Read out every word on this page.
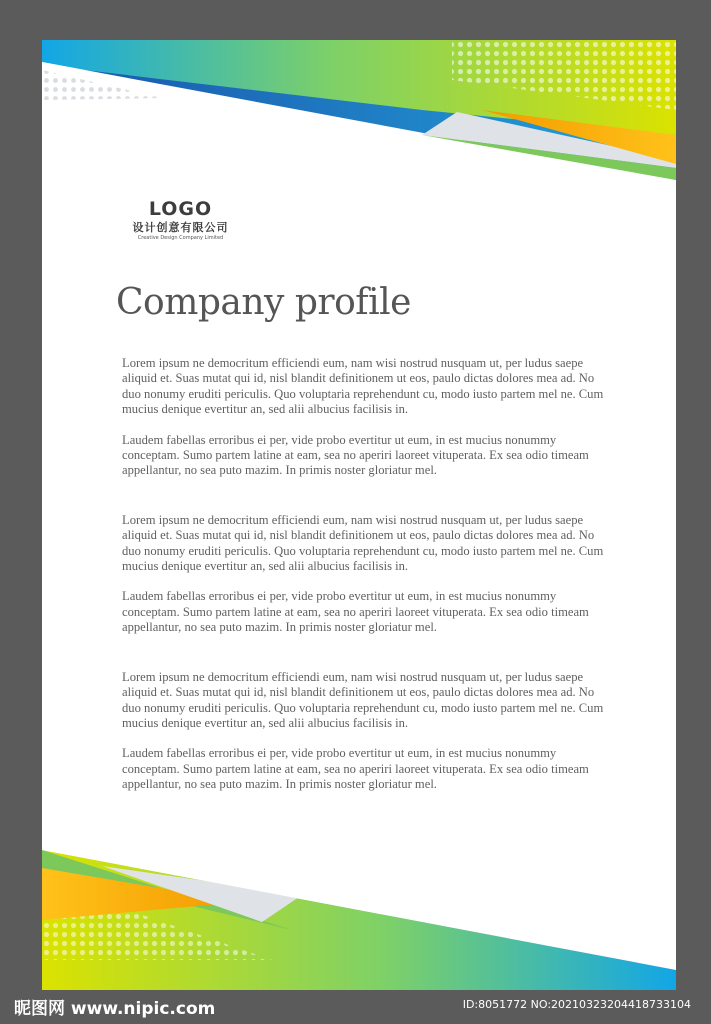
LOGO
设计创意有限公司
Creative Design Company Limited
Company profile

Lorem ipsum ne democritum efficiendi eum, nam wisi nostrud nusquam ut, per ludus saepe aliquid et. Suas mutat qui id, nisl blandit definitionem ut eos, paulo dictas dolores mea ad. No duo nonumy eruditi periculis. Quo voluptaria reprehendunt cu, modo iusto partem mel ne. Cum mucius denique evertitur an, sed alii albucius facilisis in.

Laudem fabellas erroribus ei per, vide probo evertitur ut eum, in est mucius nonummy conceptam. Sumo partem latine at eam, sea no aperiri laoreet vituperata. Ex sea odio timeam appellantur, no sea puto mazim. In primis noster gloriatur mel.

Lorem ipsum ne democritum efficiendi eum, nam wisi nostrud nusquam ut, per ludus saepe aliquid et. Suas mutat qui id, nisl blandit definitionem ut eos, paulo dictas dolores mea ad. No duo nonumy eruditi periculis. Quo voluptaria reprehendunt cu, modo iusto partem mel ne. Cum mucius denique evertitur an, sed alii albucius facilisis in.

Laudem fabellas erroribus ei per, vide probo evertitur ut eum, in est mucius nonummy conceptam. Sumo partem latine at eam, sea no aperiri laoreet vituperata. Ex sea odio timeam appellantur, no sea puto mazim. In primis noster gloriatur mel.

Lorem ipsum ne democritum efficiendi eum, nam wisi nostrud nusquam ut, per ludus saepe aliquid et. Suas mutat qui id, nisl blandit definitionem ut eos, paulo dictas dolores mea ad. No duo nonumy eruditi periculis. Quo voluptaria reprehendunt cu, modo iusto partem mel ne. Cum mucius denique evertitur an, sed alii albucius facilisis in.

Laudem fabellas erroribus ei per, vide probo evertitur ut eum, in est mucius nonummy conceptam. Sumo partem latine at eam, sea no aperiri laoreet vituperata. Ex sea odio timeam appellantur, no sea puto mazim. In primis noster gloriatur mel.

昵图网 www.nipic.com	ID:8051772 NO:20210323204418733104
